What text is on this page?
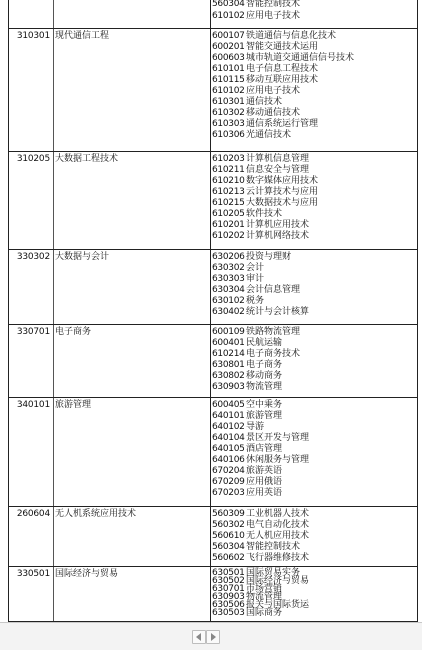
560304智能控制技术
610102应用电子技术
310301 现代通信工程	600107铁道通信与信息化技术
600201智能交通技术运用
600603城市轨道交通通信信号技术
610101电子信息工程技术
610115移动互联应用技术
610102应用电子技术
610301通信技术
610302移动通信技术
610303通信系统运行管理
610306光通信技术
310205 大数据工程技术	610203计算机信息管理
610211信息安全与管理
610210数字媒体应用技术
610213云计算技术与应用
610215大数据技术与应用
610205软件技术
610201计算机应用技术
610202计算机网络技术
330302 大数据与会计	630206投资与理财
630302会计
630303审计
630304会计信息管理
630102税务
630402统计与会计核算
330701 电子商务	600109铁路物流管理
600401民航运输
610214电子商务技术
630801电子商务
630802移动商务
630903物流管理
340101 旅游管理	600405空中乘务
640101旅游管理
640102导游
640104景区开发与管理
640105酒店管理
640106休闲服务与管理
670204旅游英语
670209应用俄语
670203应用英语
260604 无人机系统应用技术	560309工业机器人技术
560302电气自动化技术
560610无人机应用技术
560304智能控制技术
560602飞行器维修技术
330501 国际经济与贸易	630501国际贸易实务
630502国际经济与贸易
630701市场营销
630903物流管理
630506报关与国际货运
630503国际商务
